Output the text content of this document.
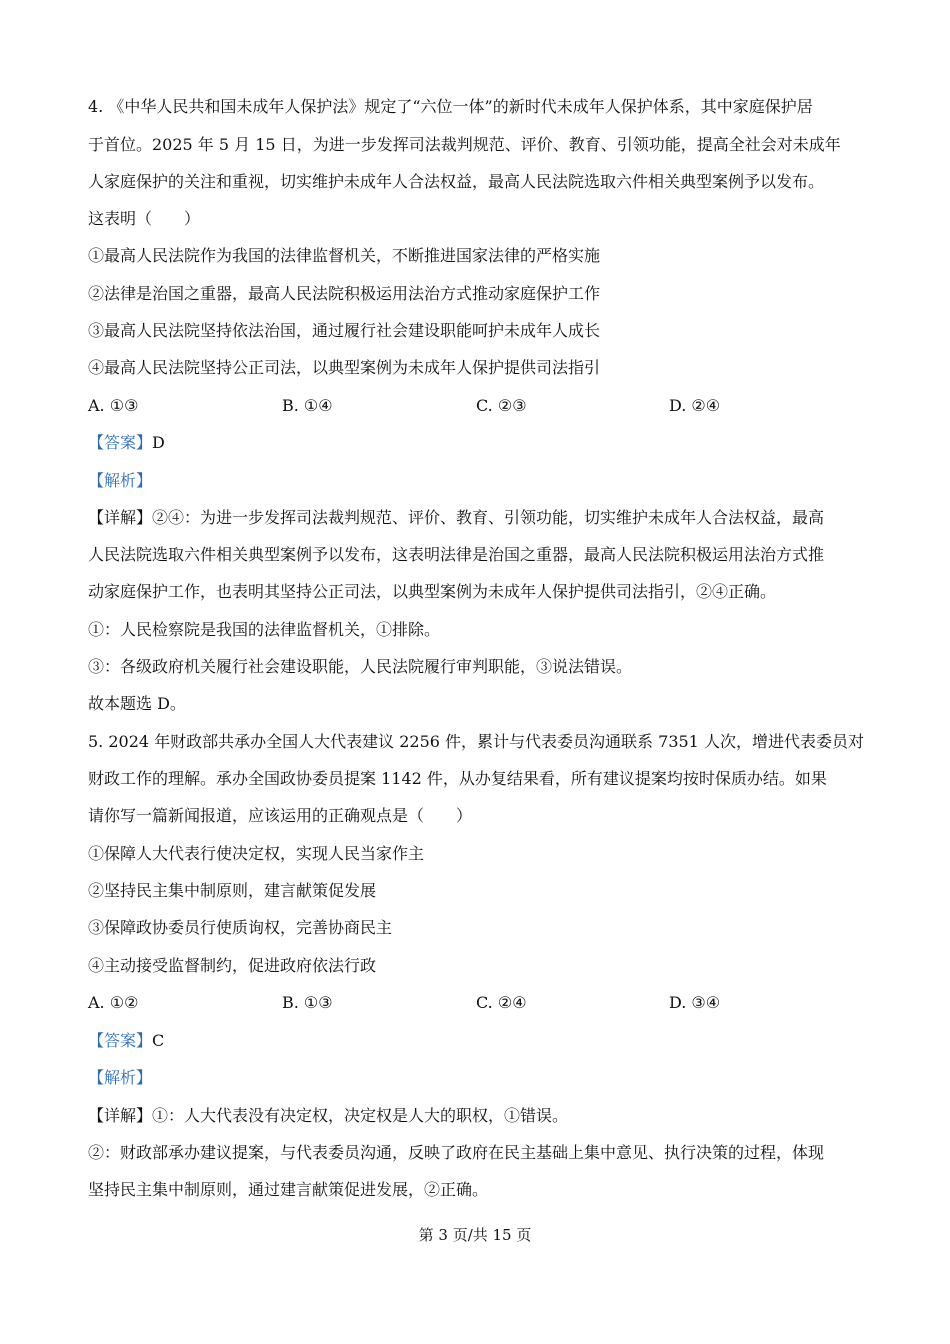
4. 《中华人民共和国未成年人保护法》规定了“六位一体”的新时代未成年人保护体系，其中家庭保护居
于首位。2025 年 5 月 15 日，为进一步发挥司法裁判规范、评价、教育、引领功能，提高全社会对未成年
人家庭保护的关注和重视，切实维护未成年人合法权益，最高人民法院选取六件相关典型案例予以发布。
这表明（　　）
①最高人民法院作为我国的法律监督机关，不断推进国家法律的严格实施
②法律是治国之重器，最高人民法院积极运用法治方式推动家庭保护工作
③最高人民法院坚持依法治国，通过履行社会建设职能呵护未成年人成长
④最高人民法院坚持公正司法，以典型案例为未成年人保护提供司法指引
A. ①③	B. ①④	C. ②③	D. ②④
【答案】D
【解析】
【详解】②④：为进一步发挥司法裁判规范、评价、教育、引领功能，切实维护未成年人合法权益，最高
人民法院选取六件相关典型案例予以发布，这表明法律是治国之重器，最高人民法院积极运用法治方式推
动家庭保护工作，也表明其坚持公正司法，以典型案例为未成年人保护提供司法指引，②④正确。
①：人民检察院是我国的法律监督机关，①排除。
③：各级政府机关履行社会建设职能，人民法院履行审判职能，③说法错误。
故本题选 D。
5. 2024 年财政部共承办全国人大代表建议 2256 件，累计与代表委员沟通联系 7351 人次，增进代表委员对
财政工作的理解。承办全国政协委员提案 1142 件，从办复结果看，所有建议提案均按时保质办结。如果
请你写一篇新闻报道，应该运用的正确观点是（　　）
①保障人大代表行使决定权，实现人民当家作主
②坚持民主集中制原则，建言献策促发展
③保障政协委员行使质询权，完善协商民主
④主动接受监督制约，促进政府依法行政
A. ①②	B. ①③	C. ②④	D. ③④
【答案】C
【解析】
【详解】①：人大代表没有决定权，决定权是人大的职权，①错误。
②：财政部承办建议提案，与代表委员沟通，反映了政府在民主基础上集中意见、执行决策的过程，体现
坚持民主集中制原则，通过建言献策促进发展，②正确。
第 3 页/共 15 页
